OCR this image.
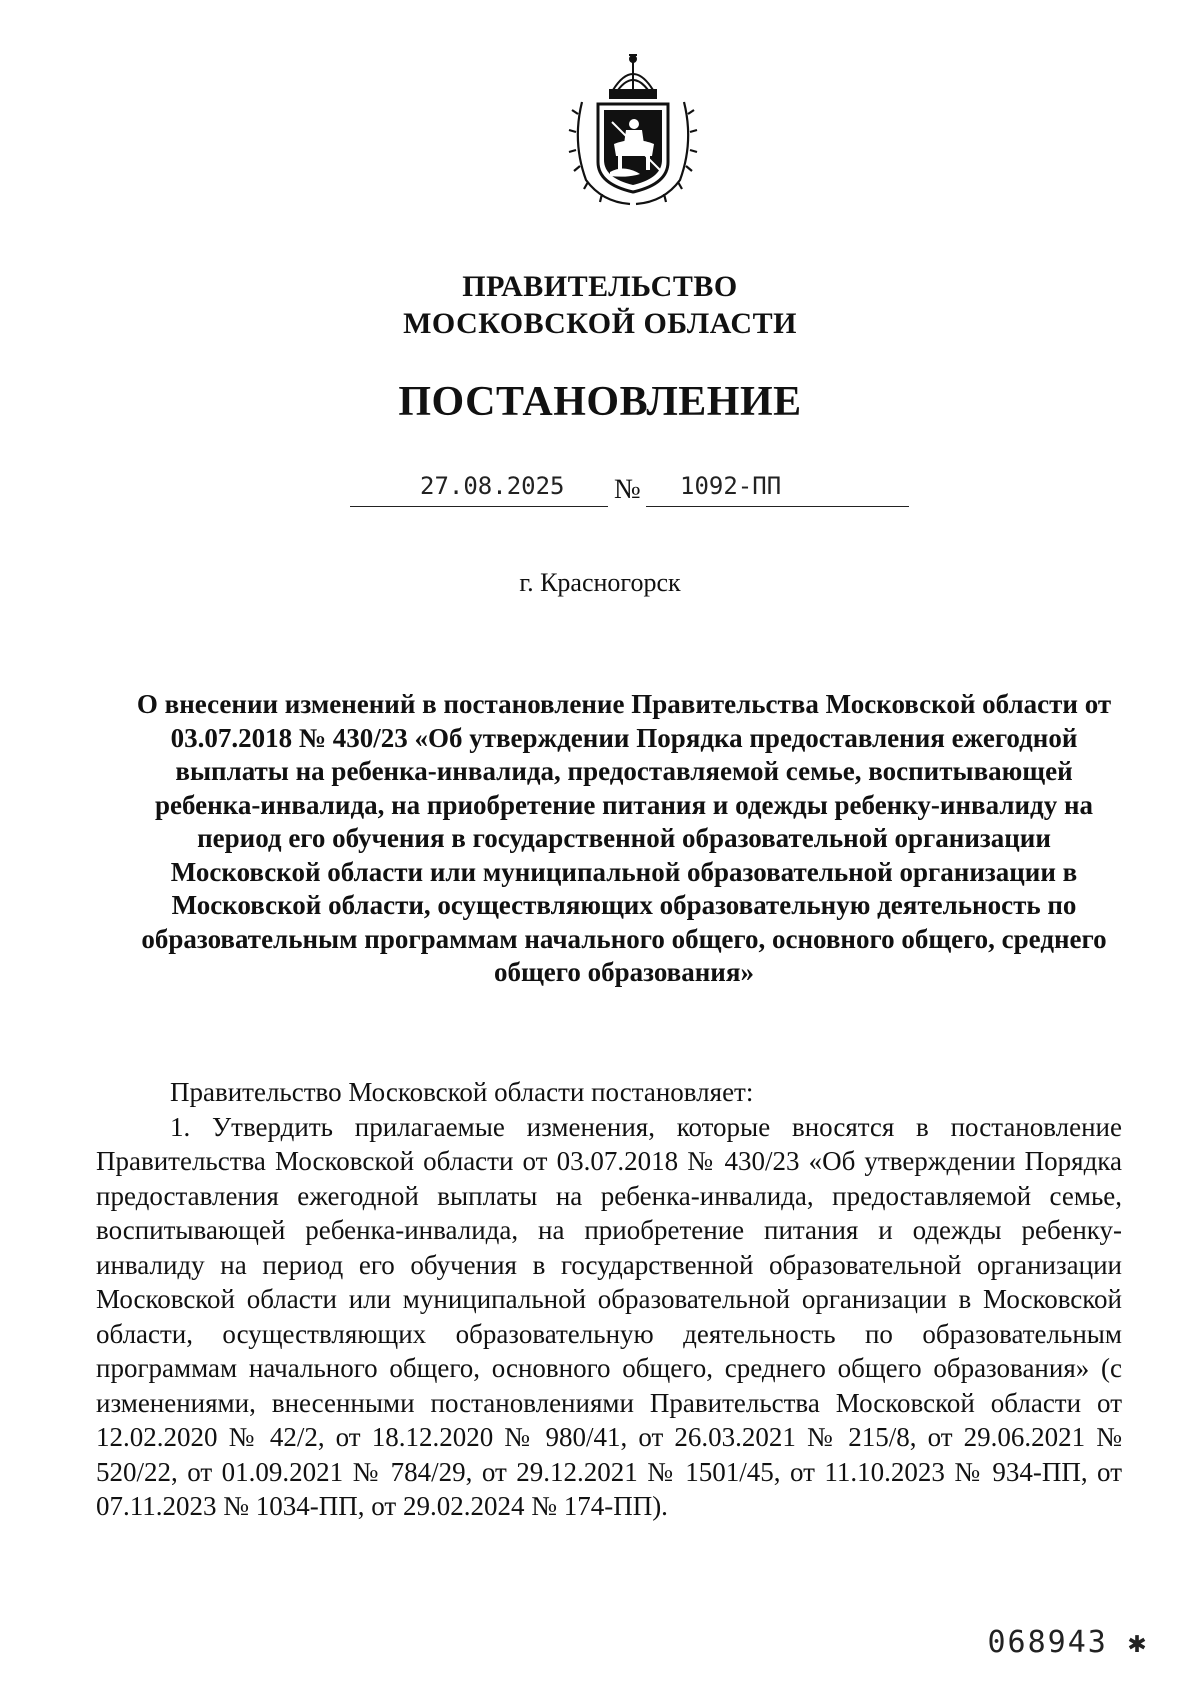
ПРАВИТЕЛЬСТВО
МОСКОВСКОЙ ОБЛАСТИ
ПОСТАНОВЛЕНИЕ
27.08.2025 № 1092-ПП
г. Красногорск
О внесении изменений в постановление Правительства Московской области от 03.07.2018 № 430/23 «Об утверждении Порядка предоставления ежегодной выплаты на ребенка-инвалида, предоставляемой семье, воспитывающей ребенка-инвалида, на приобретение питания и одежды ребенку-инвалиду на период его обучения в государственной образовательной организации Московской области или муниципальной образовательной организации в Московской области, осуществляющих образовательную деятельность по образовательным программам начального общего, основного общего, среднего общего образования»

Правительство Московской области постановляет:

1. Утвердить прилагаемые изменения, которые вносятся в постановление Правительства Московской области от 03.07.2018 № 430/23 «Об утверждении Порядка предоставления ежегодной выплаты на ребенка-инвалида, предоставляемой семье, воспитывающей ребенка-инвалида, на приобретение питания и одежды ребенку-инвалиду на период его обучения в государственной образовательной организации Московской области или муниципальной образовательной организации в Московской области, осуществляющих образовательную деятельность по образовательным программам начального общего, основного общего, среднего общего образования» (с изменениями, внесенными постановлениями Правительства Московской области от 12.02.2020 № 42/2, от 18.12.2020 № 980/41, от 26.03.2021 № 215/8, от 29.06.2021 № 520/22, от 01.09.2021 № 784/29, от 29.12.2021 № 1501/45, от 11.10.2023 № 934-ПП, от 07.11.2023 № 1034-ПП, от 29.02.2024 № 174-ПП).

068943 ✱
